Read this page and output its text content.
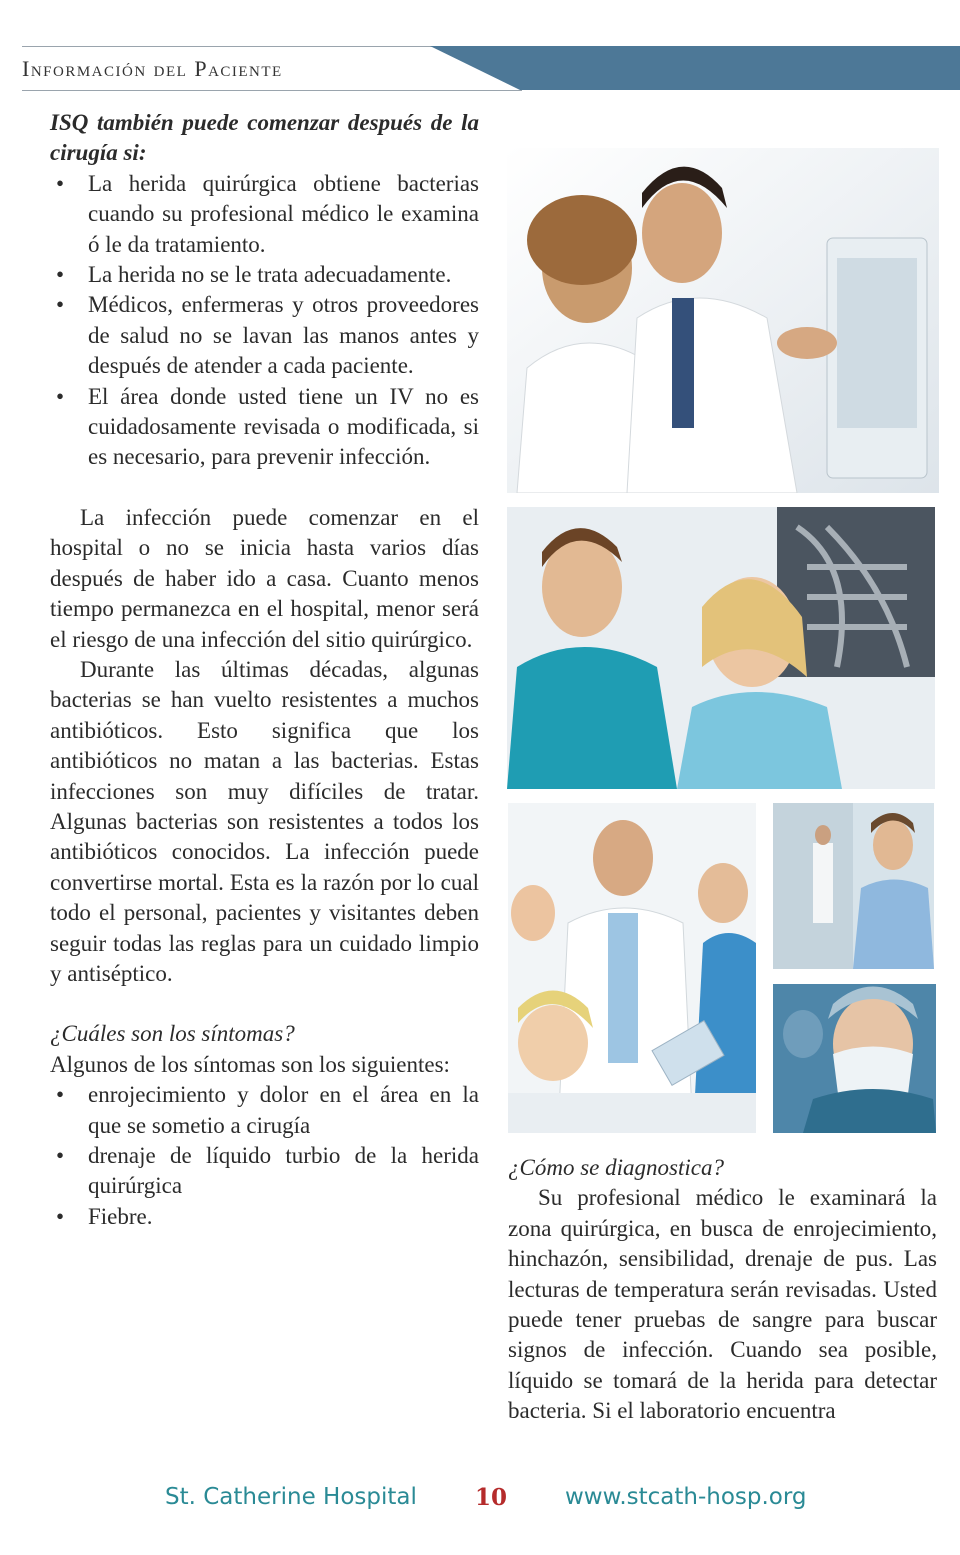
Información del Paciente

ISQ también puede comenzar después de la cirugía si:

• La herida quirúrgica obtiene bacterias cuando su profesional médico le examina ó le da tratamiento.
• La herida no se le trata adecuadamente.
• Médicos, enfermeras y otros proveedores de salud no se lavan las manos antes y después de atender a cada paciente.
• El área donde usted tiene un IV no es cuidadosamente revisada o modificada, si es necesario, para prevenir infección.

La infección puede comenzar en el hospital o no se inicia hasta varios días después de haber ido a casa. Cuanto menos tiempo permanezca en el hospital, menor será el riesgo de una infección del sitio quirúrgico.

Durante las últimas décadas, algunas bacterias se han vuelto resistentes a muchos antibióticos. Esto significa que los antibióticos no matan a las bacterias. Estas infecciones son muy difíciles de tratar. Algunas bacterias son resistentes a todos los antibióticos conocidos. La infección puede convertirse mortal. Esta es la razón por lo cual todo el personal, pacientes y visitantes deben seguir todas las reglas para un cuidado limpio y antiséptico.

¿Cuáles son los síntomas?

Algunos de los síntomas son los siguientes:

• enrojecimiento y dolor en el área en la que se sometio a cirugía
• drenaje de líquido turbio de la herida quirúrgica
• Fiebre.

¿Cómo se diagnostica?

Su profesional médico le examinará la zona quirúrgica, en busca de enrojecimiento, hinchazón, sensibilidad, drenaje de pus. Las lecturas de temperatura serán revisadas. Usted puede tener pruebas de sangre para buscar signos de infección. Cuando sea posible, líquido se tomará de la herida para detectar bacteria. Si el laboratorio encuentra

St. Catherine Hospital	10	www.stcath-hosp.org
